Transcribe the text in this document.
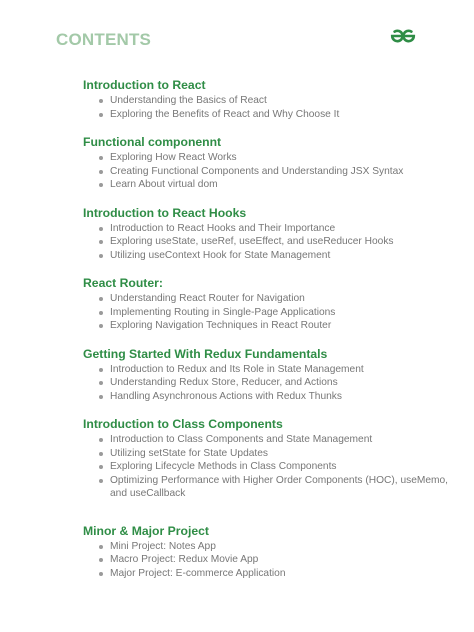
CONTENTS
Introduction to React
Understanding the Basics of React
Exploring the Benefits of React and Why Choose It
Functional componennt
Exploring How React Works
Creating Functional Components and Understanding JSX Syntax
Learn About virtual dom
Introduction to React Hooks
Introduction to React Hooks and Their Importance
Exploring useState, useRef, useEffect, and useReducer Hooks
Utilizing useContext Hook for State Management
React Router:
Understanding React Router for Navigation
Implementing Routing in Single-Page Applications
Exploring Navigation Techniques in React Router
Getting Started With Redux Fundamentals
Introduction to Redux and Its Role in State Management
Understanding Redux Store, Reducer, and Actions
Handling Asynchronous Actions with Redux Thunks
Introduction to Class Components
Introduction to Class Components and State Management
Utilizing setState for State Updates
Exploring Lifecycle Methods in Class Components
Optimizing Performance with Higher Order Components (HOC), useMemo, and useCallback
Minor & Major Project
Mini Project: Notes App
Macro Project: Redux Movie App
Major Project: E-commerce Application
